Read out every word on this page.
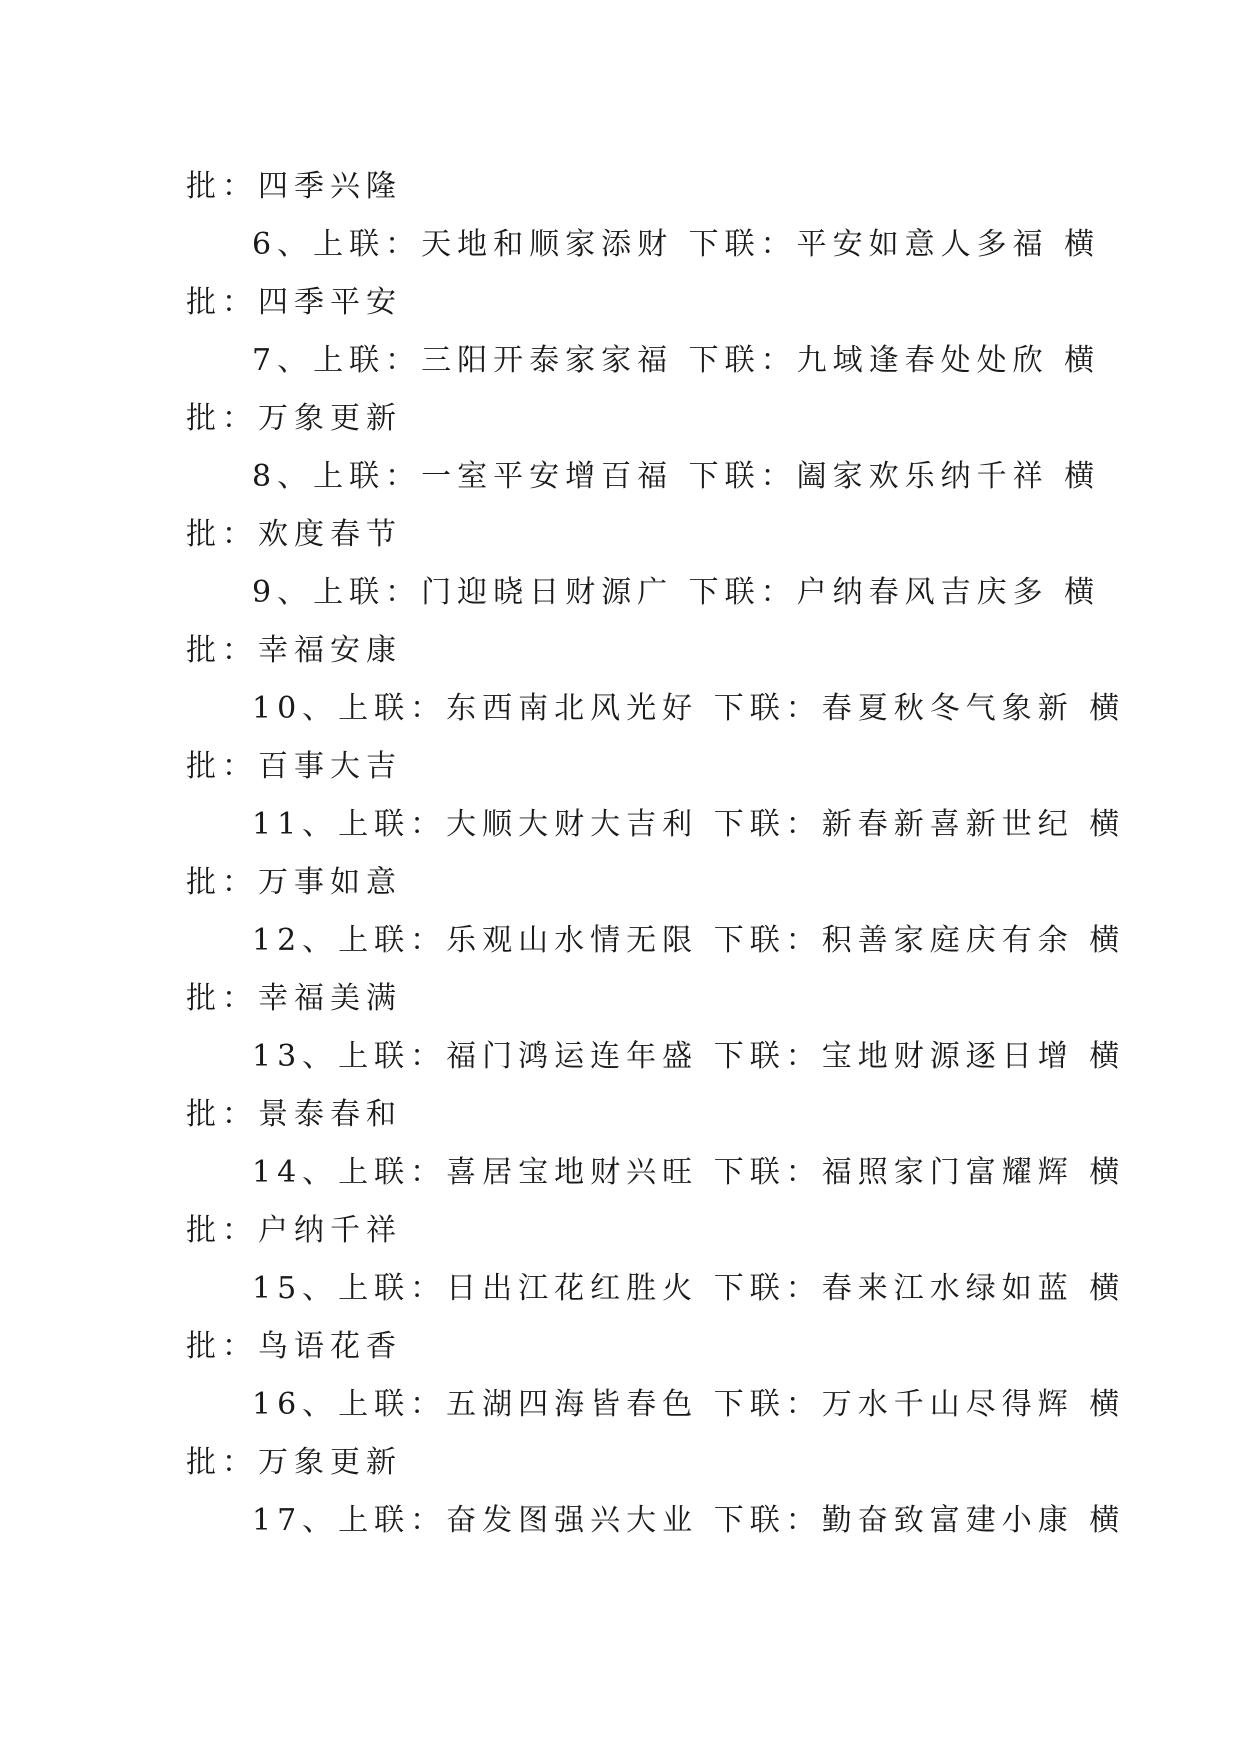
批：四季兴隆
6、上联：天地和顺家添财 下联：平安如意人多福 横
批：四季平安
7、上联：三阳开泰家家福 下联：九域逢春处处欣 横
批：万象更新
8、上联：一室平安增百福 下联：阖家欢乐纳千祥 横
批：欢度春节
9、上联：门迎晓日财源广 下联：户纳春风吉庆多 横
批：幸福安康
10、上联：东西南北风光好 下联：春夏秋冬气象新 横
批：百事大吉
11、上联：大顺大财大吉利 下联：新春新喜新世纪 横
批：万事如意
12、上联：乐观山水情无限 下联：积善家庭庆有余 横
批：幸福美满
13、上联：福门鸿运连年盛 下联：宝地财源逐日增 横
批：景泰春和
14、上联：喜居宝地财兴旺 下联：福照家门富耀辉 横
批：户纳千祥
15、上联：日出江花红胜火 下联：春来江水绿如蓝 横
批：鸟语花香
16、上联：五湖四海皆春色 下联：万水千山尽得辉 横
批：万象更新
17、上联：奋发图强兴大业 下联：勤奋致富建小康 横
